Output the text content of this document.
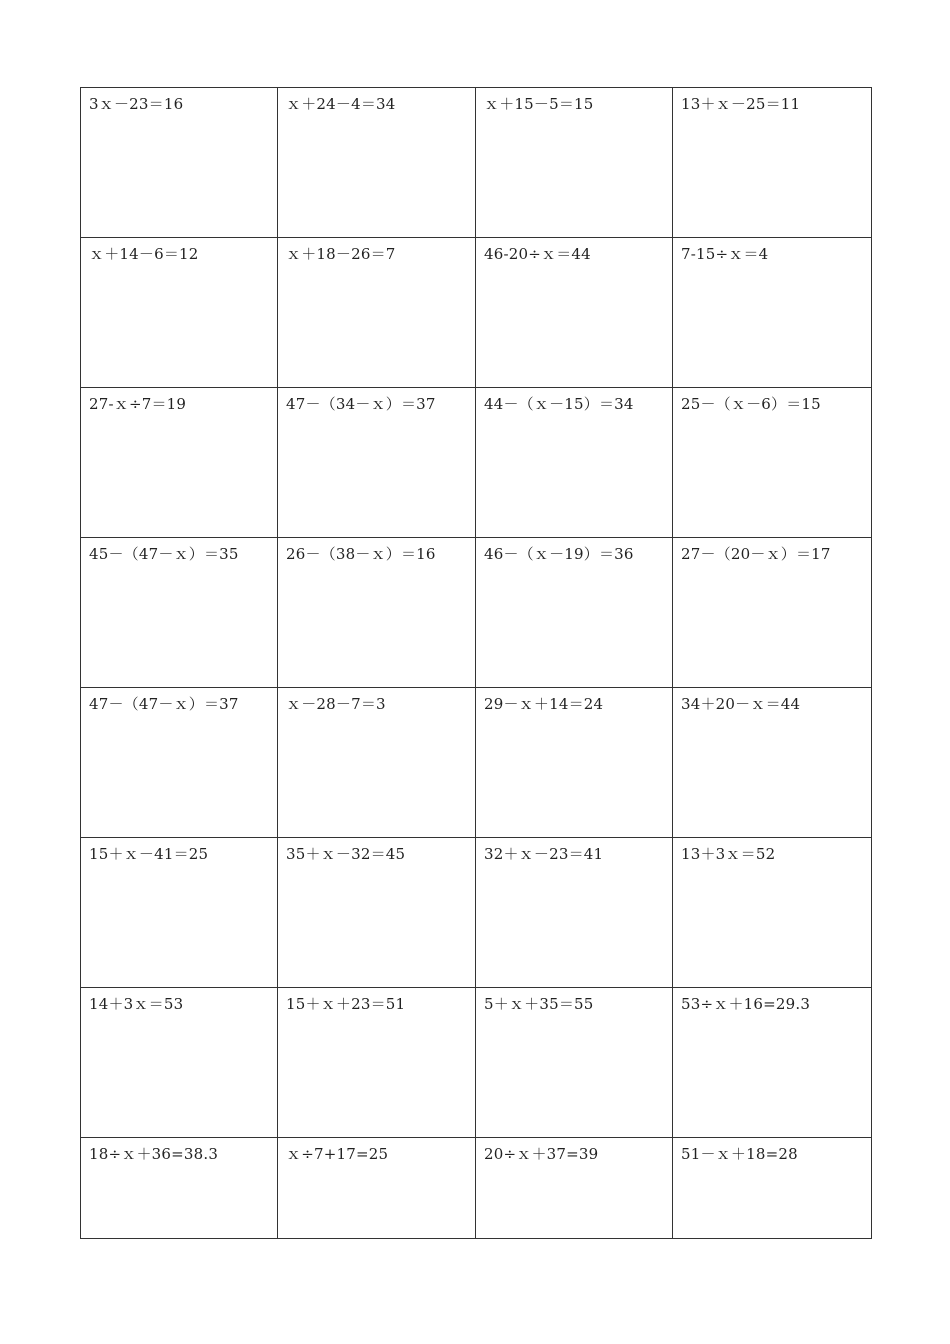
3ｘ－23＝16	ｘ＋24－4＝34	ｘ＋15－5＝15	13＋ｘ－25＝11
ｘ＋14－6＝12	ｘ＋18－26＝7	46-20÷ｘ＝44	7-15÷ｘ＝4
27-ｘ÷7＝19	47－（34－ｘ）＝37	44－（ｘ－15）＝34	25－（ｘ－6）＝15
45－（47－ｘ）＝35	26－（38－ｘ）＝16	46－（ｘ－19）＝36	27－（20－ｘ）＝17
47－（47－ｘ）＝37	ｘ－28－7＝3	29－ｘ＋14＝24	34＋20－ｘ＝44
15＋ｘ－41＝25	35＋ｘ－32＝45	32＋ｘ－23＝41	13＋3ｘ＝52
14＋3ｘ＝53	15＋ｘ＋23＝51	5＋ｘ＋35＝55	53÷ｘ＋16=29.3
18÷ｘ＋36=38.3	ｘ÷7+17=25	20÷ｘ＋37=39	51－ｘ＋18=28
